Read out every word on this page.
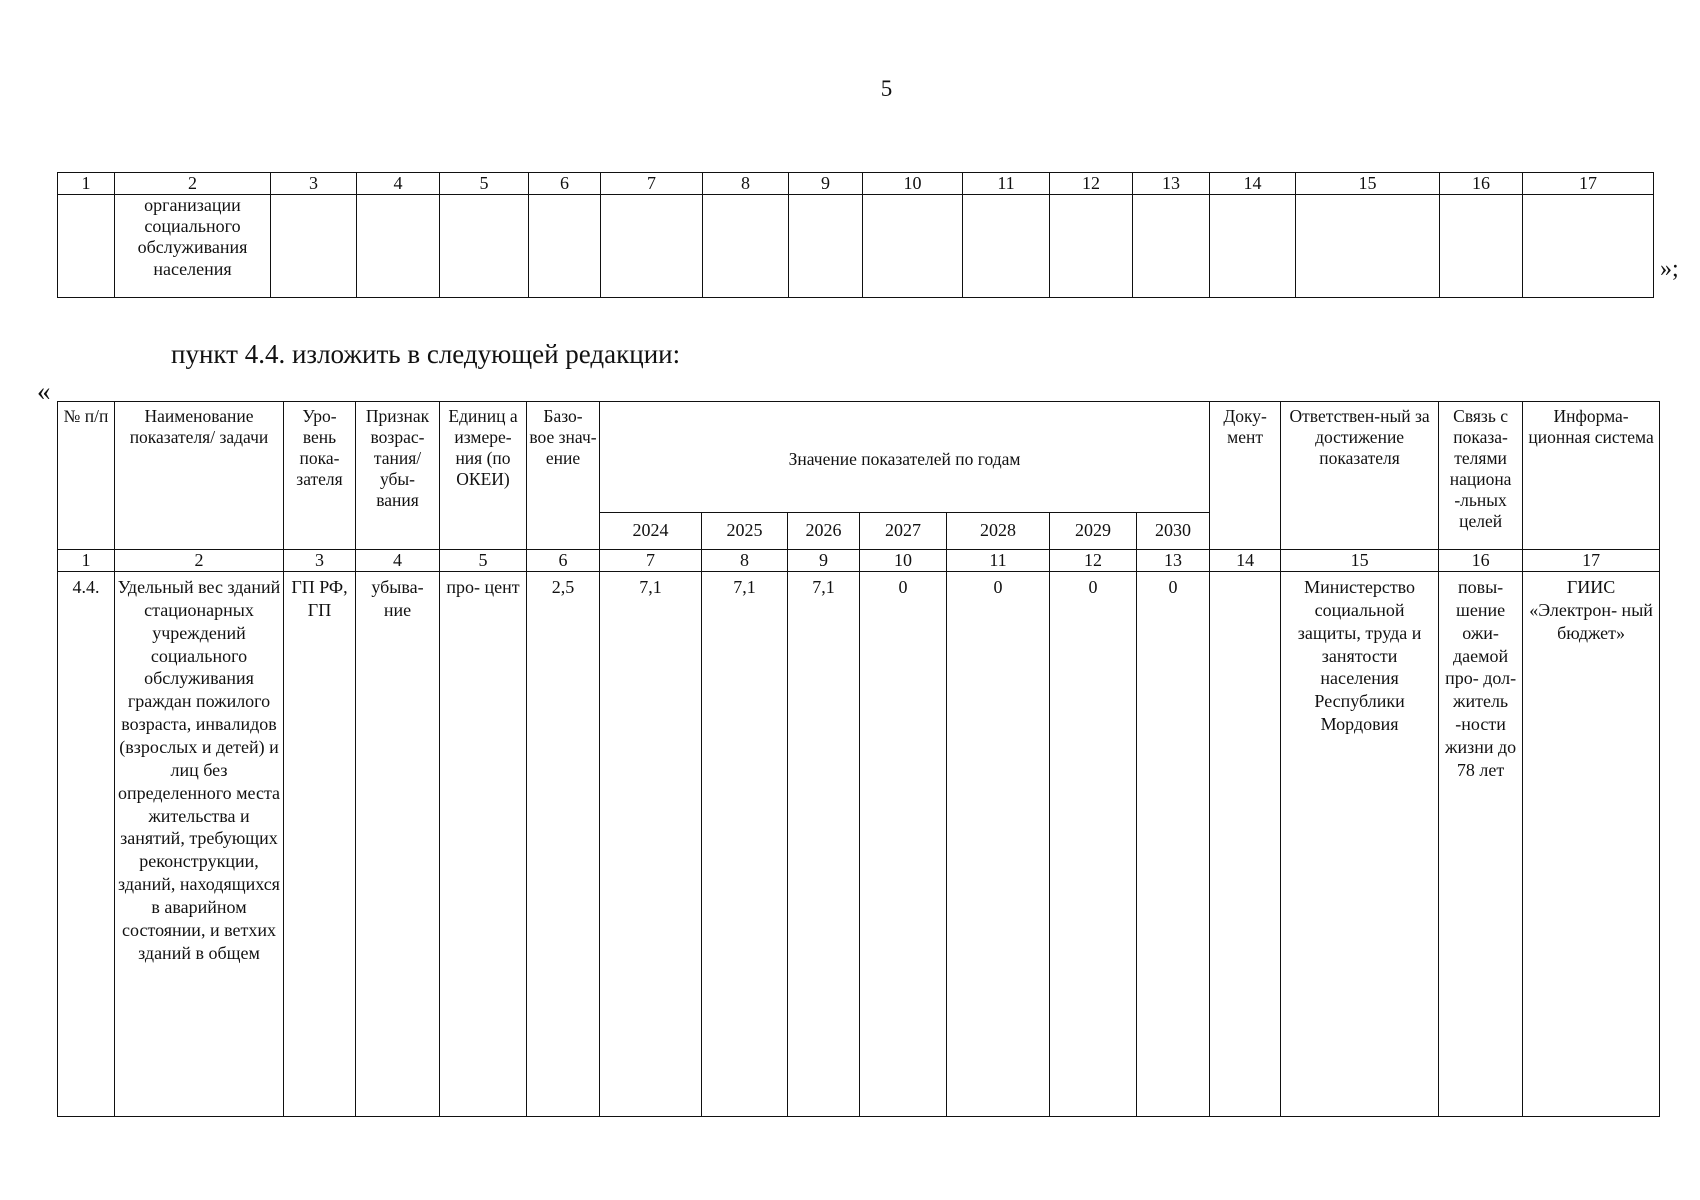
5
1	2	3	4	5	6	7	8	9	10	11	12	13	14	15	16	17
	организации социального обслуживания населения																»;
пункт 4.4. изложить в следующей редакции:
«
№ п/п	Наименование показателя/ задачи	Уро- вень пока- зателя	Признак возрас- тания/ убы- вания	Единиц а измере- ния (по ОКЕИ)	Базо- вое знач- ение	Значение показателей по годам							Доку- мент	Ответствен-ный за достижение показателя	Связь с показа- телями национа -льных целей	Информа- ционная система
						2024	2025	2026	2027	2028	2029	2030				
1	2	3	4	5	6	7	8	9	10	11	12	13	14	15	16	17
4.4.	Удельный вес зданий стационарных учреждений социального обслуживания граждан пожилого возраста, инвалидов (взрослых и детей) и лиц без определенного места жительства и занятий, требующих реконструкции, зданий, находящихся в аварийном состоянии, и ветхих зданий в общем	ГП РФ, ГП	убыва- ние	про- цент	2,5	7,1	7,1	7,1	0	0	0	0		Министерство социальной защиты, труда и занятости населения Республики Мордовия	повы- шение ожи- даемой про- дол- житель -ности жизни до 78 лет	ГИИС «Электрон- ный бюджет»
